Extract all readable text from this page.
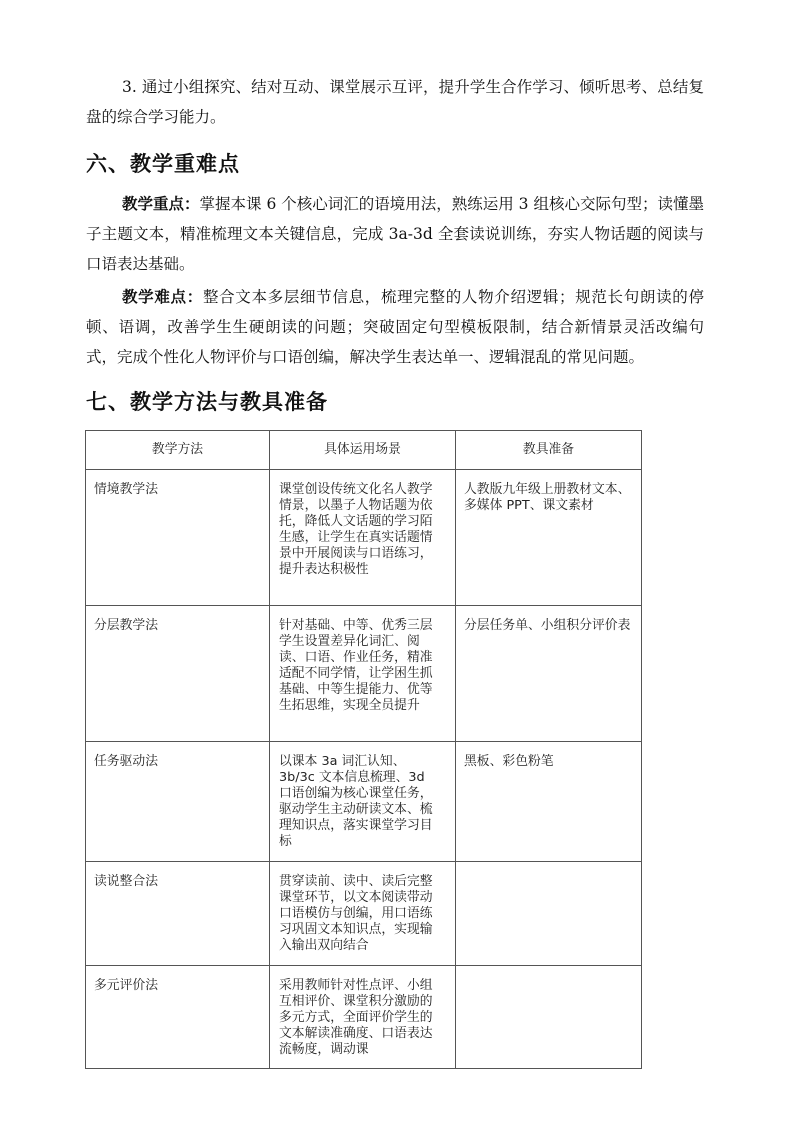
3. 通过小组探究、结对互动、课堂展示互评，提升学生合作学习、倾听思考、总结复盘的综合学习能力。

六、教学重难点

教学重点：掌握本课 6 个核心词汇的语境用法，熟练运用 3 组核心交际句型；读懂墨子主题文本，精准梳理文本关键信息，完成 3a-3d 全套读说训练，夯实人物话题的阅读与口语表达基础。

教学难点：整合文本多层细节信息，梳理完整的人物介绍逻辑；规范长句朗读的停顿、语调，改善学生生硬朗读的问题；突破固定句型模板限制，结合新情景灵活改编句式，完成个性化人物评价与口语创编，解决学生表达单一、逻辑混乱的常见问题。

七、教学方法与教具准备
教学方法	具体运用场景	教具准备
情境教学法	课堂创设传统文化名人教学情景，以墨子人物话题为依托，降低人文话题的学习陌生感，让学生在真实话题情景中开展阅读与口语练习，提升表达积极性	人教版九年级上册教材文本、多媒体 PPT、课文素材
分层教学法	针对基础、中等、优秀三层学生设置差异化词汇、阅读、口语、作业任务，精准适配不同学情，让学困生抓基础、中等生提能力、优等生拓思维，实现全员提升	分层任务单、小组积分评价表
任务驱动法	以课本 3a 词汇认知、3b/3c 文本信息梳理、3d 口语创编为核心课堂任务，驱动学生主动研读文本、梳理知识点，落实课堂学习目标	黑板、彩色粉笔
读说整合法	贯穿读前、读中、读后完整课堂环节，以文本阅读带动口语模仿与创编，用口语练习巩固文本知识点，实现输入输出双向结合	
多元评价法	采用教师针对性点评、小组互相评价、课堂积分激励的多元方式，全面评价学生的文本解读准确度、口语表达流畅度，调动课	
